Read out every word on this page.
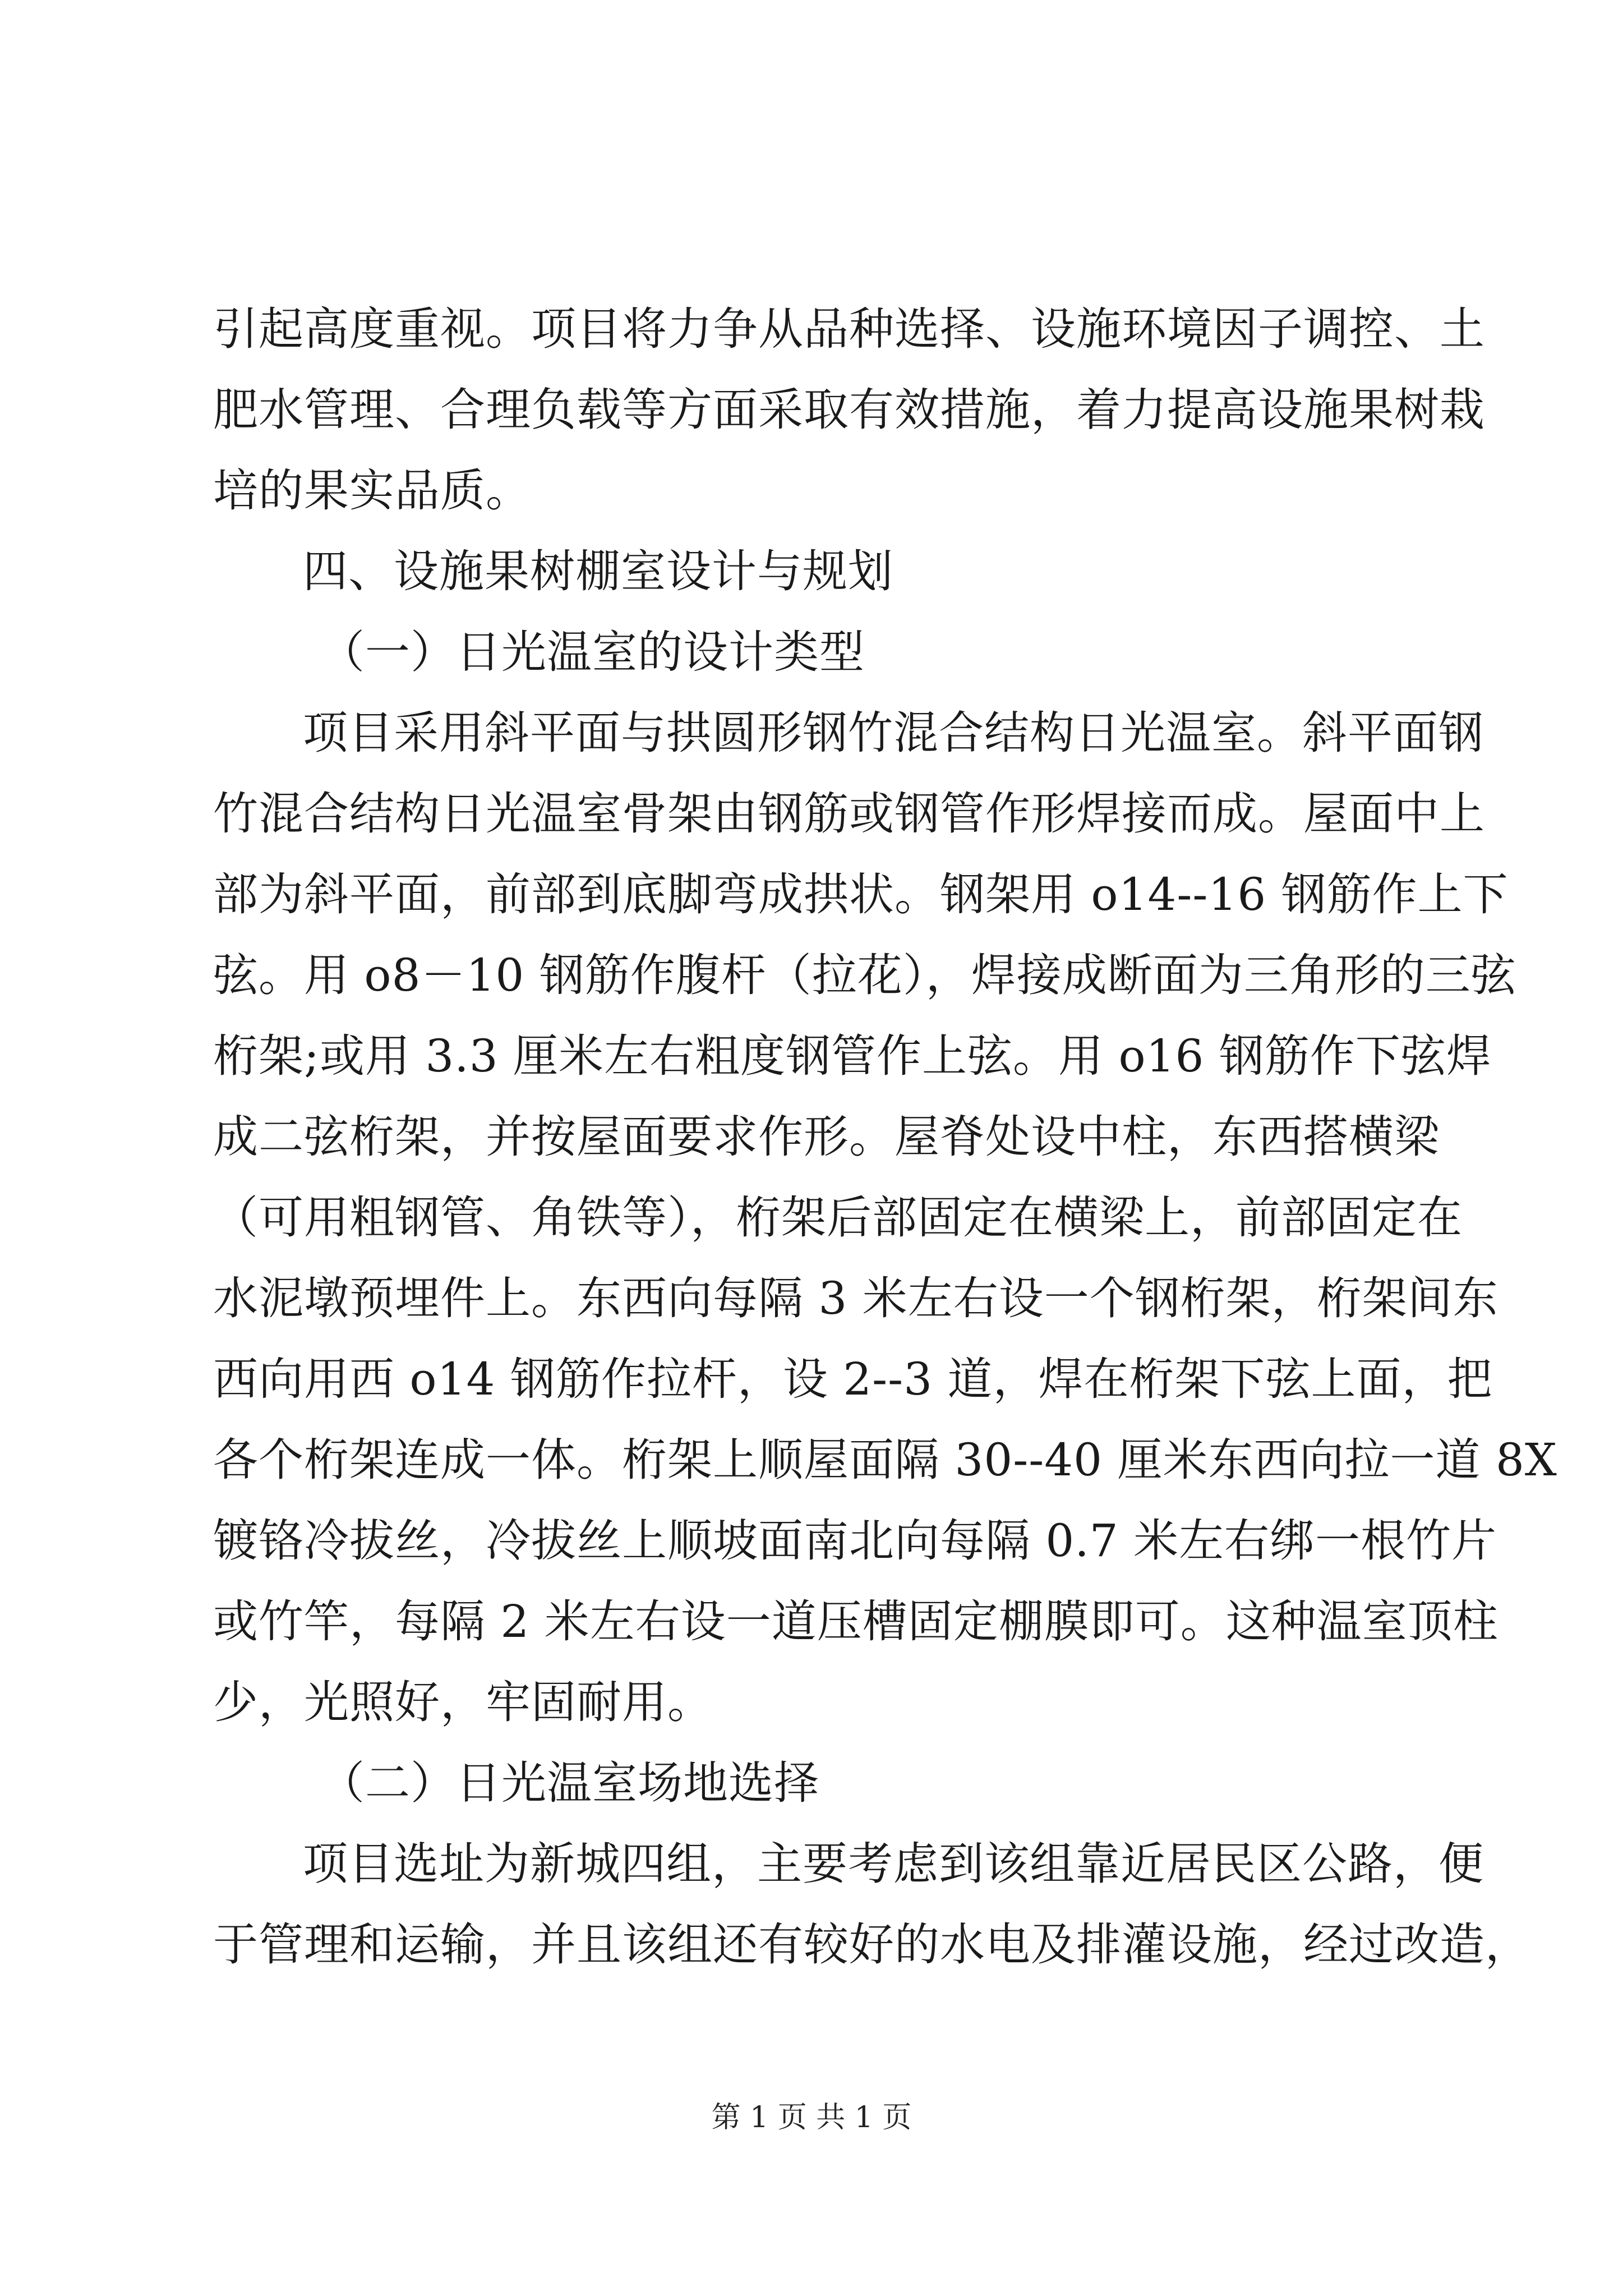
引起高度重视。项目将力争从品种选择、设施环境因子调控、土
肥水管理、合理负载等方面采取有效措施，着力提高设施果树栽
培的果实品质。
四、设施果树棚室设计与规划
（一）日光温室的设计类型
项目采用斜平面与拱圆形钢竹混合结构日光温室。斜平面钢
竹混合结构日光温室骨架由钢筋或钢管作形焊接而成。屋面中上
部为斜平面，前部到底脚弯成拱状。钢架用 o14--16 钢筋作上下
弦。用 o8－10 钢筋作腹杆（拉花），焊接成断面为三角形的三弦
桁架;或用 3.3 厘米左右粗度钢管作上弦。用 o16 钢筋作下弦焊
成二弦桁架，并按屋面要求作形。屋脊处设中柱，东西搭横梁
（可用粗钢管、角铁等），桁架后部固定在横梁上，前部固定在
水泥墩预埋件上。东西向每隔 3 米左右设一个钢桁架，桁架间东
西向用西 o14 钢筋作拉杆，设 2--3 道，焊在桁架下弦上面，把
各个桁架连成一体。桁架上顺屋面隔 30--40 厘米东西向拉一道 8X
镀铬冷拔丝，冷拔丝上顺坡面南北向每隔 0.7 米左右绑一根竹片
或竹竿，每隔 2 米左右设一道压槽固定棚膜即可。这种温室顶柱
少，光照好，牢固耐用。
（二）日光温室场地选择
项目选址为新城四组，主要考虑到该组靠近居民区公路，便
于管理和运输，并且该组还有较好的水电及排灌设施，经过改造，
第 1 页 共 1 页
